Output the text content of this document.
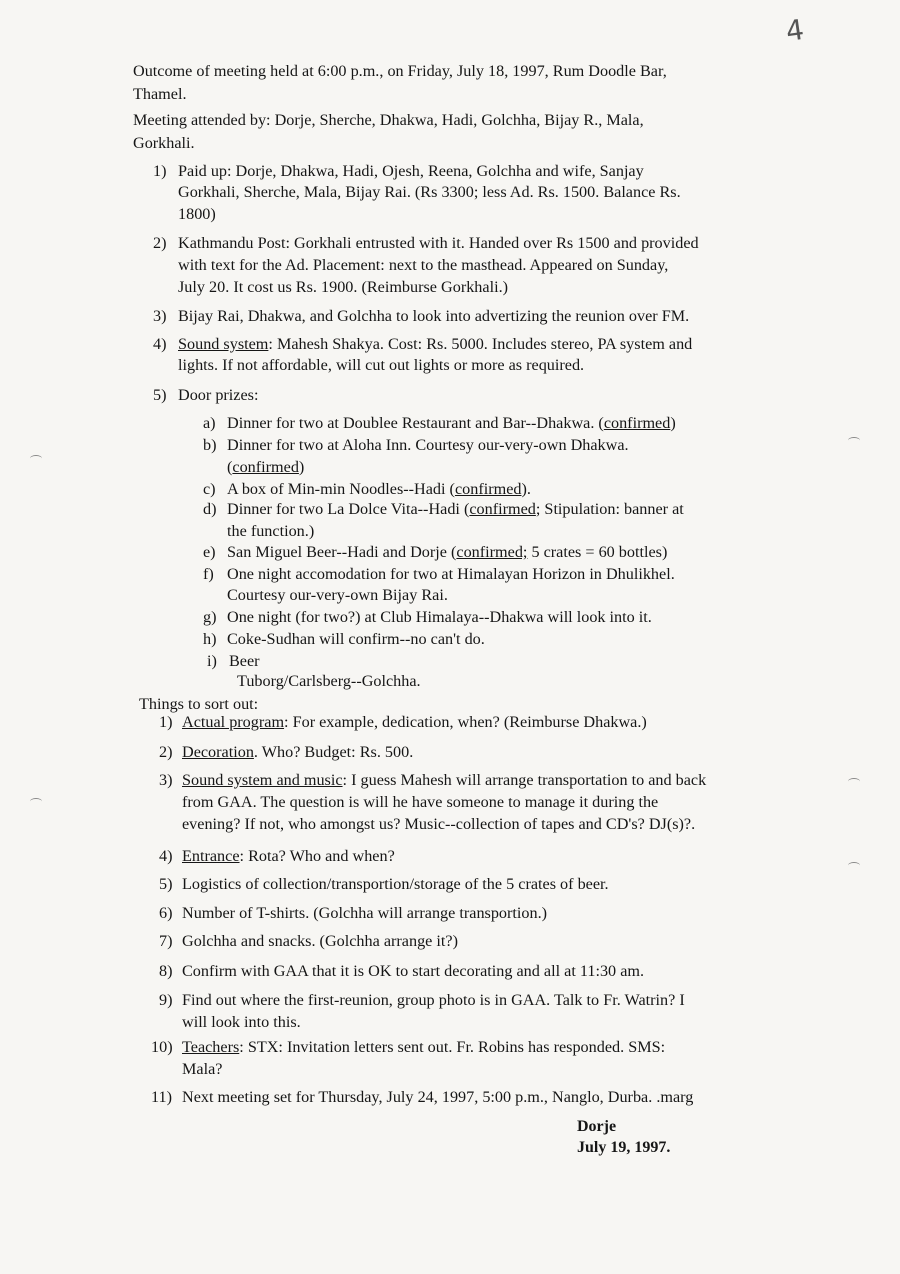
4
Outcome of meeting held at 6:00 p.m., on Friday, July 18, 1997, Rum Doodle Bar,
Thamel.
Meeting attended by: Dorje, Sherche, Dhakwa, Hadi, Golchha, Bijay R., Mala,
Gorkhali.
1) Paid up: Dorje, Dhakwa, Hadi, Ojesh, Reena, Golchha and wife, Sanjay
Gorkhali, Sherche, Mala, Bijay Rai. (Rs 3300; less Ad. Rs. 1500. Balance Rs.
1800)
2) Kathmandu Post: Gorkhali entrusted with it. Handed over Rs 1500 and provided
with text for the Ad. Placement: next to the masthead. Appeared on Sunday,
July 20. It cost us Rs. 1900. (Reimburse Gorkhali.)
3) Bijay Rai, Dhakwa, and Golchha to look into advertizing the reunion over FM.
4) Sound system: Mahesh Shakya. Cost: Rs. 5000. Includes stereo, PA system and
lights. If not affordable, will cut out lights or more as required.
5) Door prizes:
a) Dinner for two at Doublee Restaurant and Bar--Dhakwa. (confirmed)
b) Dinner for two at Aloha Inn. Courtesy our-very-own Dhakwa.
(confirmed)
c) A box of Min-min Noodles--Hadi (confirmed).
d) Dinner for two La Dolce Vita--Hadi (confirmed; Stipulation: banner at
the function.)
e) San Miguel Beer--Hadi and Dorje (confirmed; 5 crates = 60 bottles)
f) One night accomodation for two at Himalayan Horizon in Dhulikhel.
Courtesy our-very-own Bijay Rai.
g) One night (for two?) at Club Himalaya--Dhakwa will look into it.
h) Coke-Sudhan will confirm--no can't do.
i) Beer
Tuborg/Carlsberg--Golchha.
Things to sort out:
1) Actual program: For example, dedication, when? (Reimburse Dhakwa.)
2) Decoration. Who? Budget: Rs. 500.
3) Sound system and music: I guess Mahesh will arrange transportation to and back
from GAA. The question is will he have someone to manage it during the
evening? If not, who amongst us? Music--collection of tapes and CD's? DJ(s)?.
4) Entrance: Rota? Who and when?
5) Logistics of collection/transportion/storage of the 5 crates of beer.
6) Number of T-shirts. (Golchha will arrange transportion.)
7) Golchha and snacks. (Golchha arrange it?)
8) Confirm with GAA that it is OK to start decorating and all at 11:30 am.
9) Find out where the first-reunion, group photo is in GAA. Talk to Fr. Watrin? I
will look into this.
10) Teachers: STX: Invitation letters sent out. Fr. Robins has responded. SMS:
Mala?
11) Next meeting set for Thursday, July 24, 1997, 5:00 p.m., Nanglo, Durba. .marg
Dorje
July 19, 1997.
